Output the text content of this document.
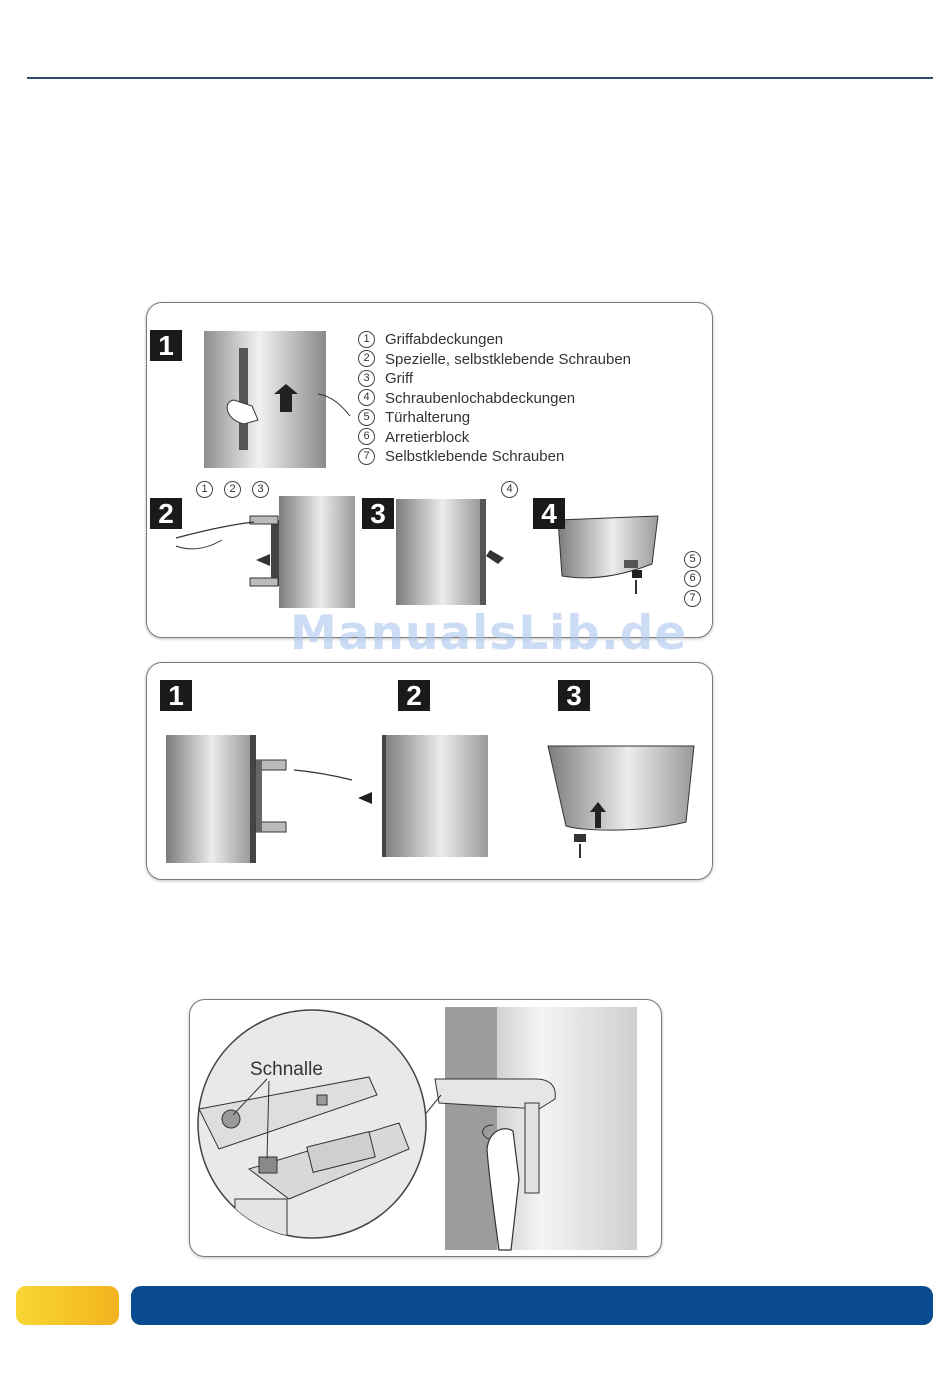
1
2	3	4
1 Griffabdeckungen
2 Spezielle, selbstklebende Schrauben
3 Griff
4 Schraubenlochabdeckungen
5 Türhalterung
6 Arretierblock
7 Selbstklebende Schrauben
1	2	3	4
5
6
7
1	2	3
ManualsLib.de
Schnalle
